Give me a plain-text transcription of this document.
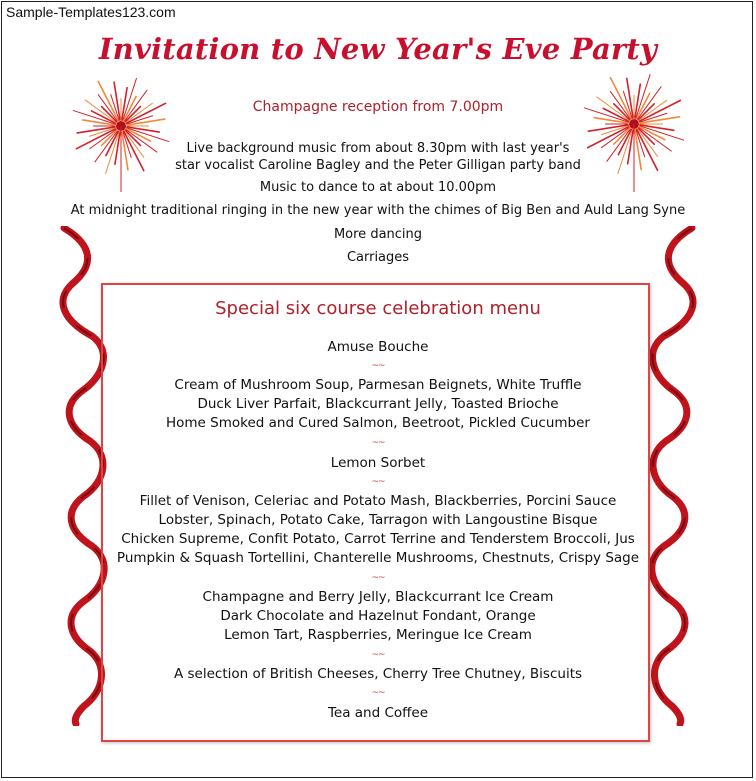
Sample-Templates123.com
Invitation to New Year's Eve Party
Champagne reception from 7.00pm
Live background music from about 8.30pm with last year's
star vocalist Caroline Bagley and the Peter Gilligan party band
Music to dance to at about 10.00pm
At midnight traditional ringing in the new year with the chimes of Big Ben and Auld Lang Syne
More dancing
Carriages
Special six course celebration menu
Amuse Bouche
~~
Cream of Mushroom Soup, Parmesan Beignets, White Truffle
Duck Liver Parfait, Blackcurrant Jelly, Toasted Brioche
Home Smoked and Cured Salmon, Beetroot, Pickled Cucumber
~~
Lemon Sorbet
~~
Fillet of Venison, Celeriac and Potato Mash, Blackberries, Porcini Sauce
Lobster, Spinach, Potato Cake, Tarragon with Langoustine Bisque
Chicken Supreme, Confit Potato, Carrot Terrine and Tenderstem Broccoli, Jus
Pumpkin & Squash Tortellini, Chanterelle Mushrooms, Chestnuts, Crispy Sage
~~
Champagne and Berry Jelly, Blackcurrant Ice Cream
Dark Chocolate and Hazelnut Fondant, Orange
Lemon Tart, Raspberries, Meringue Ice Cream
~~
A selection of British Cheeses, Cherry Tree Chutney, Biscuits
~~
Tea and Coffee
